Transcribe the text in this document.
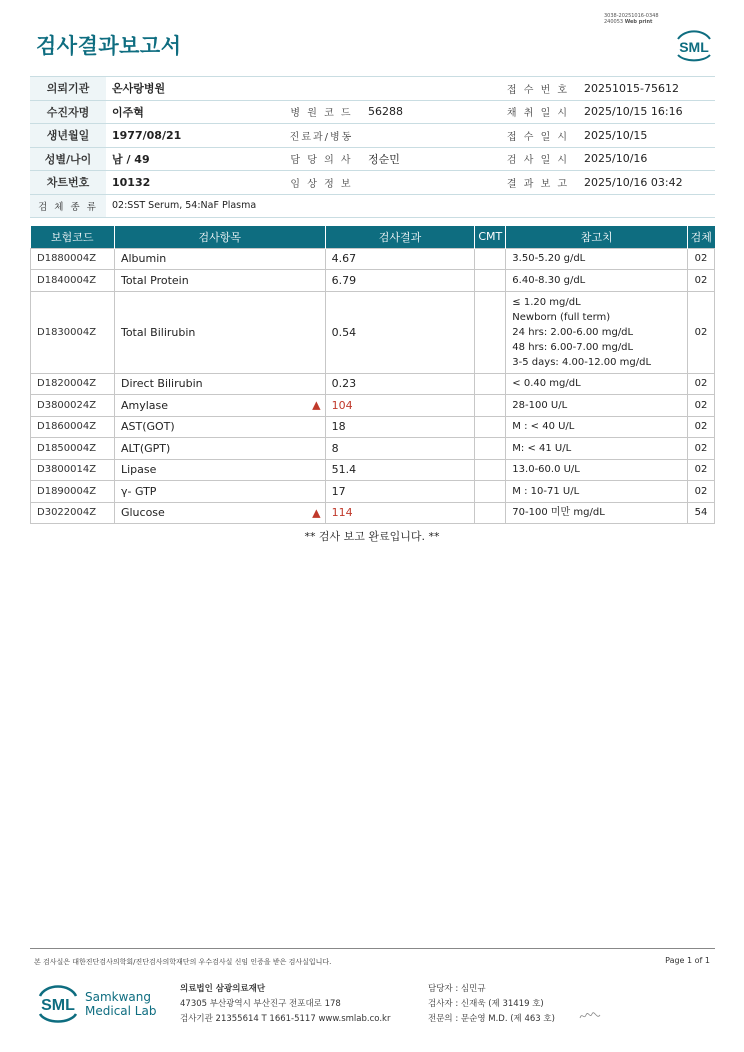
3038-20251016-0348
240053 Web print
검사결과보고서	SML
의뢰기관	온사랑병원			접 수 번 호	20251015-75612
수진자명	이주혁	병 원 코 드	56288	채 취 일 시	2025/10/15 16:16
생년월일	1977/08/21	진료과/병동		접 수 일 시	2025/10/15
성별/나이	남 / 49	담 당 의 사	정순민	검 사 일 시	2025/10/16
차트번호	10132	임 상 정 보		결 과 보 고	2025/10/16 03:42
검 체 종 류	02:SST Serum, 54:NaF Plasma				
보험코드	검사항목	검사결과	CMT	참고치	검체
D1880004Z	Albumin	4.67		3.50-5.20 g/dL	02
D1840004Z	Total Protein	6.79		6.40-8.30 g/dL	02
D1830004Z	Total Bilirubin	0.54		≤ 1.20 mg/dL
Newborn (full term)
24 hrs: 2.00-6.00 mg/dL
48 hrs: 6.00-7.00 mg/dL
3-5 days: 4.00-12.00 mg/dL	02
D1820004Z	Direct Bilirubin	0.23		< 0.40 mg/dL	02
D3800024Z	Amylase ▲	104		28-100 U/L	02
D1860004Z	AST(GOT)	18		M : < 40 U/L	02
D1850004Z	ALT(GPT)	8		M: < 41 U/L	02
D3800014Z	Lipase	51.4		13.0-60.0 U/L	02
D1890004Z	γ- GTP	17		M : 10-71 U/L	02
D3022004Z	Glucose ▲	114		70-100 미만 mg/dL	54
** 검사 보고 완료입니다. **
본 검사실은 대한진단검사의학회/진단검사의학재단의 우수검사실 신임 인증을 받은 검사실입니다.	Page 1 of 1
SML Samkwang
Medical Lab
의료법인 삼광의료재단
47305 부산광역시 부산진구 전포대로 178
검사기관 21355614 T 1661-5117 www.smlab.co.kr
담당자 : 심민규
검사자 : 신재욱 (제 31419 호)
전문의 : 문순영 M.D. (제 463 호)
